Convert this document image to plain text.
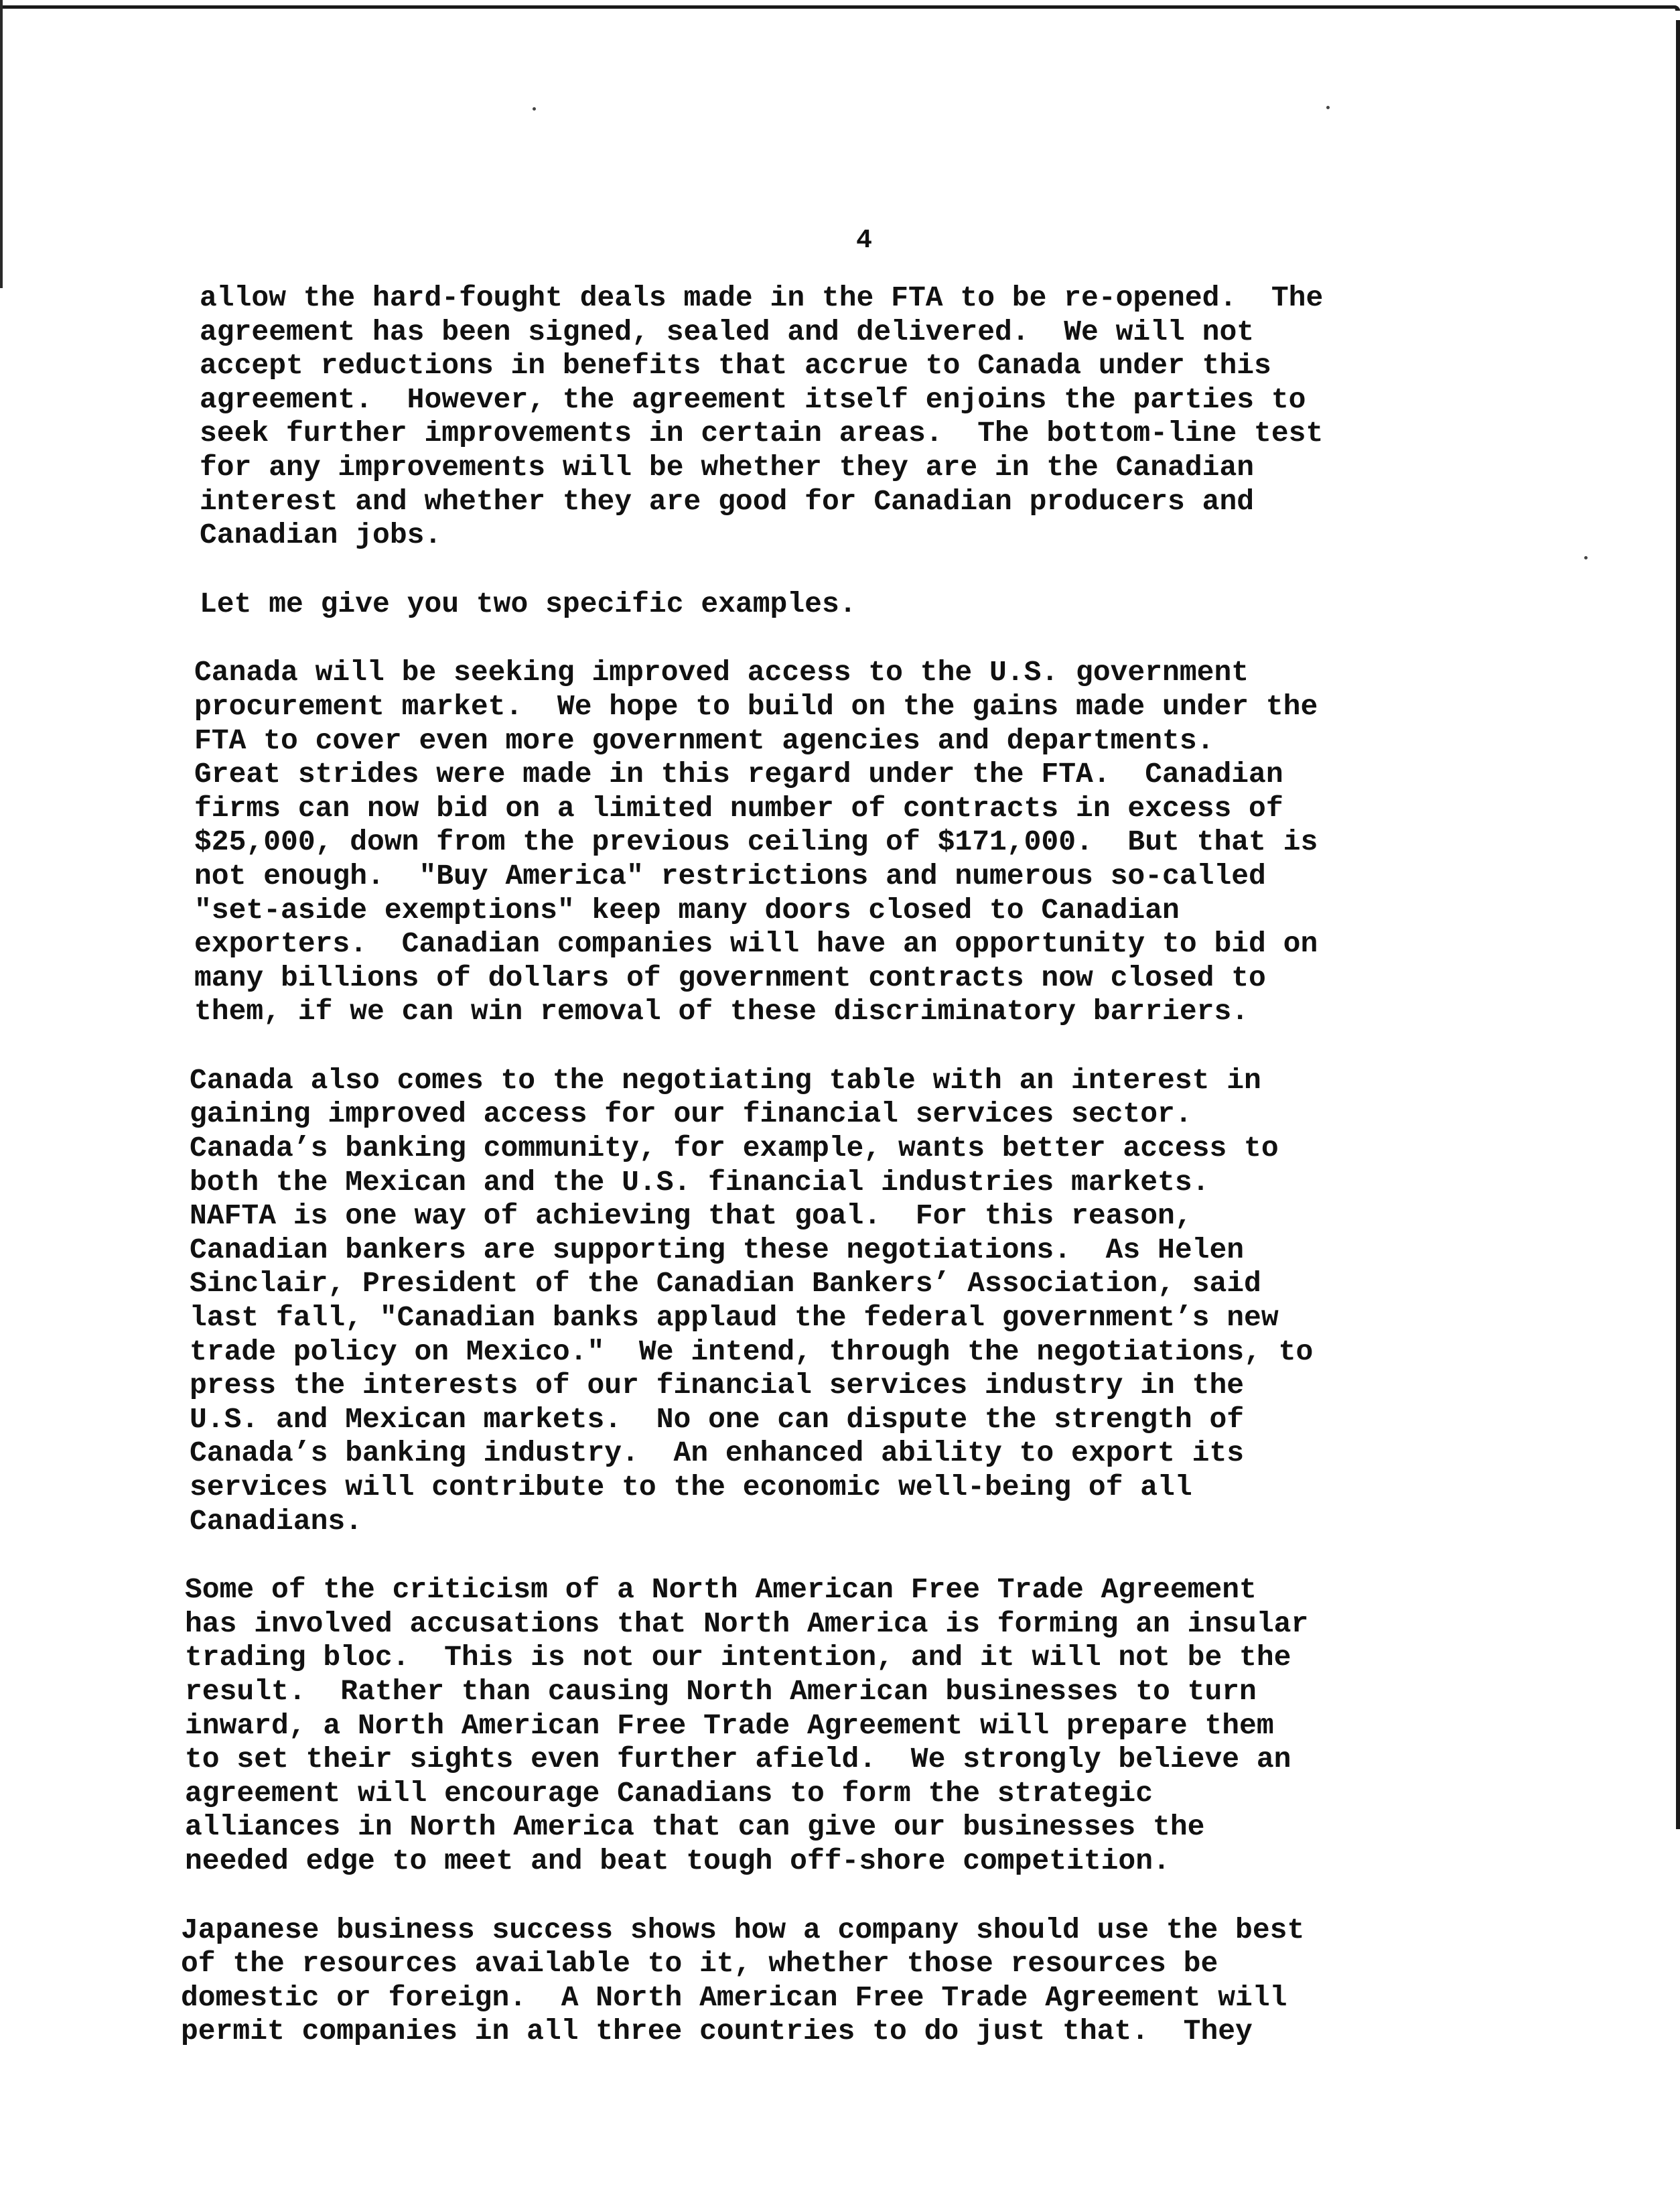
4

allow the hard-fought deals made in the FTA to be re-opened.  The
agreement has been signed, sealed and delivered.  We will not
accept reductions in benefits that accrue to Canada under this
agreement.  However, the agreement itself enjoins the parties to
seek further improvements in certain areas.  The bottom-line test
for any improvements will be whether they are in the Canadian
interest and whether they are good for Canadian producers and
Canadian jobs.

Let me give you two specific examples.

Canada will be seeking improved access to the U.S. government
procurement market.  We hope to build on the gains made under the
FTA to cover even more government agencies and departments.
Great strides were made in this regard under the FTA.  Canadian
firms can now bid on a limited number of contracts in excess of
$25,000, down from the previous ceiling of $171,000.  But that is
not enough.  "Buy America" restrictions and numerous so-called
"set-aside exemptions" keep many doors closed to Canadian
exporters.  Canadian companies will have an opportunity to bid on
many billions of dollars of government contracts now closed to
them, if we can win removal of these discriminatory barriers.

Canada also comes to the negotiating table with an interest in
gaining improved access for our financial services sector.
Canada’s banking community, for example, wants better access to
both the Mexican and the U.S. financial industries markets.
NAFTA is one way of achieving that goal.  For this reason,
Canadian bankers are supporting these negotiations.  As Helen
Sinclair, President of the Canadian Bankers’ Association, said
last fall, "Canadian banks applaud the federal government’s new
trade policy on Mexico."  We intend, through the negotiations, to
press the interests of our financial services industry in the
U.S. and Mexican markets.  No one can dispute the strength of
Canada’s banking industry.  An enhanced ability to export its
services will contribute to the economic well-being of all
Canadians.

Some of the criticism of a North American Free Trade Agreement
has involved accusations that North America is forming an insular
trading bloc.  This is not our intention, and it will not be the
result.  Rather than causing North American businesses to turn
inward, a North American Free Trade Agreement will prepare them
to set their sights even further afield.  We strongly believe an
agreement will encourage Canadians to form the strategic
alliances in North America that can give our businesses the
needed edge to meet and beat tough off-shore competition.

Japanese business success shows how a company should use the best
of the resources available to it, whether those resources be
domestic or foreign.  A North American Free Trade Agreement will
permit companies in all three countries to do just that.  They
